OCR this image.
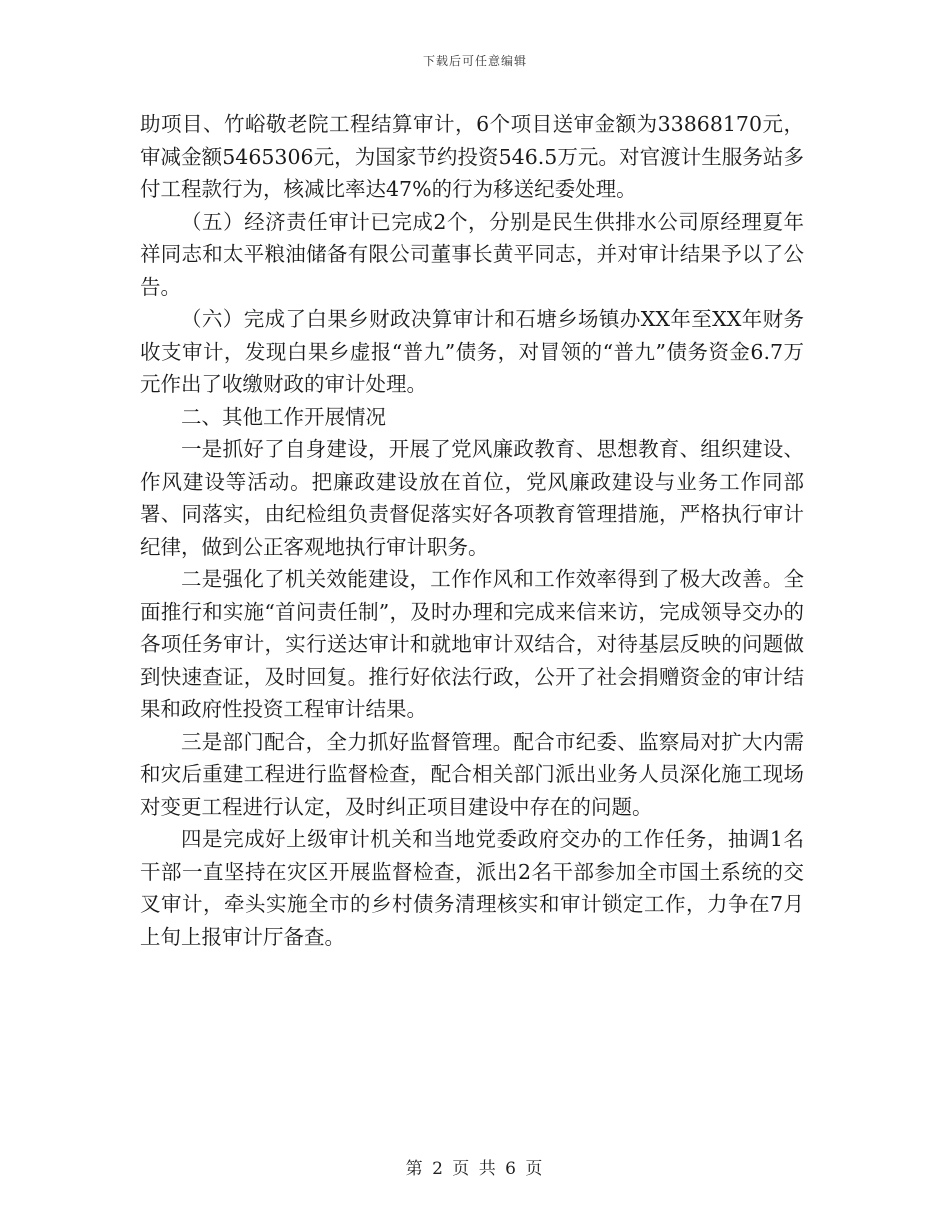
下载后可任意编辑

助项目、竹峪敬老院工程结算审计，6个项目送审金额为33868170元，审减金额5465306元，为国家节约投资546.5万元。对官渡计生服务站多付工程款行为，核减比率达47%的行为移送纪委处理。

（五）经济责任审计已完成2个，分别是民生供排水公司原经理夏年祥同志和太平粮油储备有限公司董事长黄平同志，并对审计结果予以了公告。

（六）完成了白果乡财政决算审计和石塘乡场镇办XX年至XX年财务收支审计，发现白果乡虚报“普九”债务，对冒领的“普九”债务资金6.7万元作出了收缴财政的审计处理。

二、其他工作开展情况

一是抓好了自身建设，开展了党风廉政教育、思想教育、组织建设、作风建设等活动。把廉政建设放在首位，党风廉政建设与业务工作同部署、同落实，由纪检组负责督促落实好各项教育管理措施，严格执行审计纪律，做到公正客观地执行审计职务。

二是强化了机关效能建设，工作作风和工作效率得到了极大改善。全面推行和实施“首问责任制”，及时办理和完成来信来访，完成领导交办的各项任务审计，实行送达审计和就地审计双结合，对待基层反映的问题做到快速查证，及时回复。推行好依法行政，公开了社会捐赠资金的审计结果和政府性投资工程审计结果。

三是部门配合，全力抓好监督管理。配合市纪委、监察局对扩大内需和灾后重建工程进行监督检查，配合相关部门派出业务人员深化施工现场对变更工程进行认定，及时纠正项目建设中存在的问题。

四是完成好上级审计机关和当地党委政府交办的工作任务，抽调1名干部一直坚持在灾区开展监督检查，派出2名干部参加全市国土系统的交叉审计，牵头实施全市的乡村债务清理核实和审计锁定工作，力争在7月上旬上报审计厅备查。

第 2 页 共 6 页
